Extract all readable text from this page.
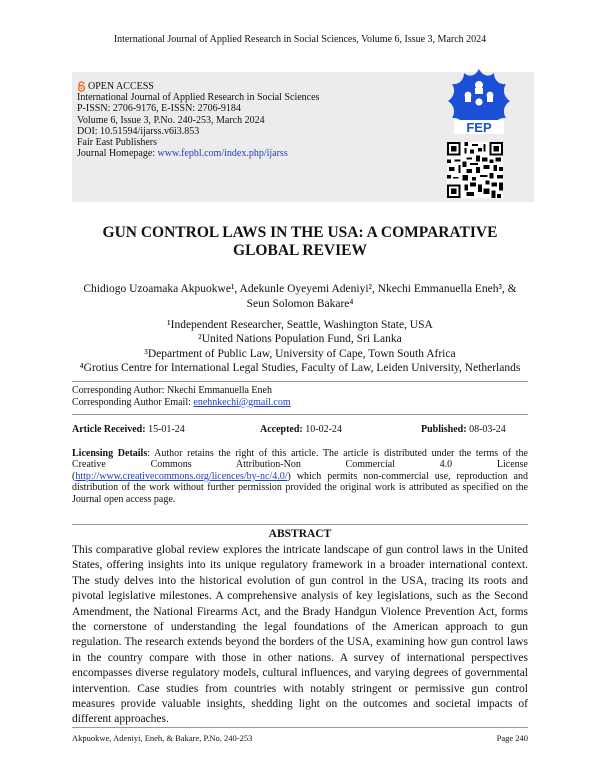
International Journal of Applied Research in Social Sciences, Volume 6, Issue 3, March 2024
OPEN ACCESS
International Journal of Applied Research in Social Sciences
P-ISSN: 2706-9176, E-ISSN: 2706-9184
Volume 6, Issue 3, P.No. 240-253, March 2024
DOI: 10.51594/ijarss.v6i3.853
Fair East Publishers
Journal Homepage: www.fepbl.com/index.php/ijarss
FEP
GUN CONTROL LAWS IN THE USA: A COMPARATIVE
GLOBAL REVIEW
Chidiogo Uzoamaka Akpuokwe¹, Adekunle Oyeyemi Adeniyi², Nkechi Emmanuella Eneh³, &
Seun Solomon Bakare⁴
¹Independent Researcher, Seattle, Washington State, USA
²United Nations Population Fund, Sri Lanka
³Department of Public Law, University of Cape, Town South Africa
⁴Grotius Centre for International Legal Studies, Faculty of Law, Leiden University, Netherlands
Corresponding Author: Nkechi Emmanuella Eneh
Corresponding Author Email: enehnkechi@gmail.com
Article Received: 15-01-24	Accepted: 10-02-24	Published: 08-03-24
Licensing Details: Author retains the right of this article. The article is distributed under the terms of the
Creative Commons Attribution-Non Commercial 4.0 License
(http://www.creativecommons.org/licences/by-nc/4.0/) which permits non-commercial use, reproduction and distribution of the work without further permission provided the original work is attributed as specified on the Journal open access page.
ABSTRACT
This comparative global review explores the intricate landscape of gun control laws in the United States, offering insights into its unique regulatory framework in a broader international context. The study delves into the historical evolution of gun control in the USA, tracing its roots and pivotal legislative milestones. A comprehensive analysis of key legislations, such as the Second Amendment, the National Firearms Act, and the Brady Handgun Violence Prevention Act, forms the cornerstone of understanding the legal foundations of the American approach to gun regulation. The research extends beyond the borders of the USA, examining how gun control laws in the country compare with those in other nations. A survey of international perspectives encompasses diverse regulatory models, cultural influences, and varying degrees of governmental intervention. Case studies from countries with notably stringent or permissive gun control measures provide valuable insights, shedding light on the outcomes and societal impacts of different approaches.
Akpuokwe, Adeniyi, Eneh, & Bakare, P.No. 240-253	Page 240
